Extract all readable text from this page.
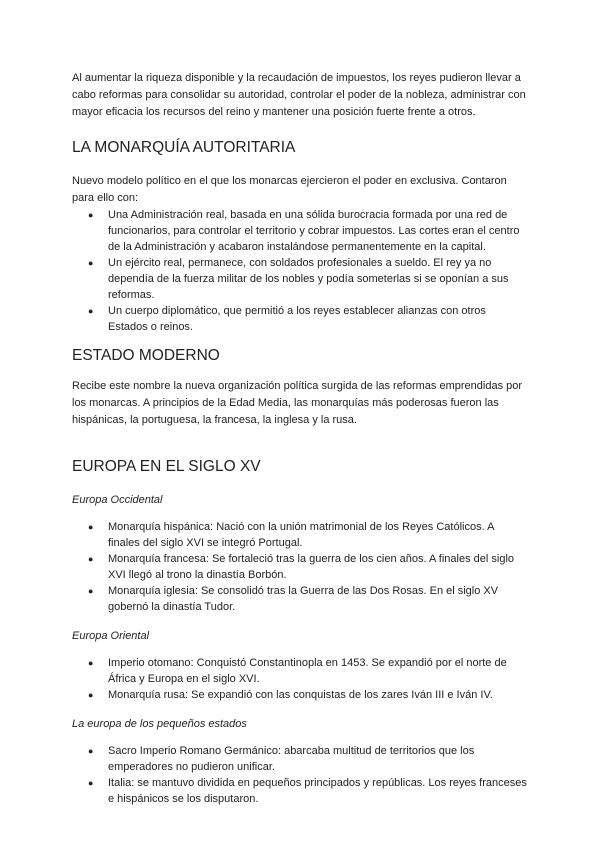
Al aumentar la riqueza disponible y la recaudación de impuestos, los reyes pudieron llevar a cabo reformas para consolidar su autoridad, controlar el poder de la nobleza, administrar con mayor eficacia los recursos del reino y mantener una posición fuerte frente a otros.

LA MONARQUÍA AUTORITARIA

Nuevo modelo político en el que los monarcas ejercieron el poder en exclusiva. Contaron para ello con:

● Una Administración real, basada en una sólida burocracia formada por una red de funcionarios, para controlar el territorio y cobrar impuestos. Las cortes eran el centro de la Administración y acabaron instalándose permanentemente en la capital.
● Un ejército real, permanece, con soldados profesionales a sueldo. El rey ya no dependía de la fuerza militar de los nobles y podía someterlas si se oponían a sus reformas.
● Un cuerpo diplomático, que permitió a los reyes establecer alianzas con otros Estados o reinos.
ESTADO MODERNO

Recibe este nombre la nueva organización política surgida de las reformas emprendidas por los monarcas. A principios de la Edad Media, las monarquías más poderosas fueron las hispánicas, la portuguesa, la francesa, la inglesa y la rusa.

EUROPA EN EL SIGLO XV
Europa Occidental
● Monarquía hispánica: Nació con la unión matrimonial de los Reyes Católicos. A finales del siglo XVI se integró Portugal.
● Monarquía francesa: Se fortaleció tras la guerra de los cien años. A finales del siglo XVI llegó al trono la dinastía Borbón.
● Monarquía iglesia: Se consolidó tras la Guerra de las Dos Rosas. En el siglo XV gobernó la dinastía Tudor.
Europa Oriental
● Imperio otomano: Conquistó Constantinopla en 1453. Se expandió por el norte de África y Europa en el siglo XVI.
● Monarquía rusa: Se expandió con las conquistas de los zares Iván III e Iván IV.
La europa de los pequeños estados
● Sacro Imperio Romano Germánico: abarcaba multitud de territorios que los emperadores no pudieron unificar.
● Italia: se mantuvo dividida en pequeños principados y repúblicas. Los reyes franceses e hispánicos se los disputaron.
